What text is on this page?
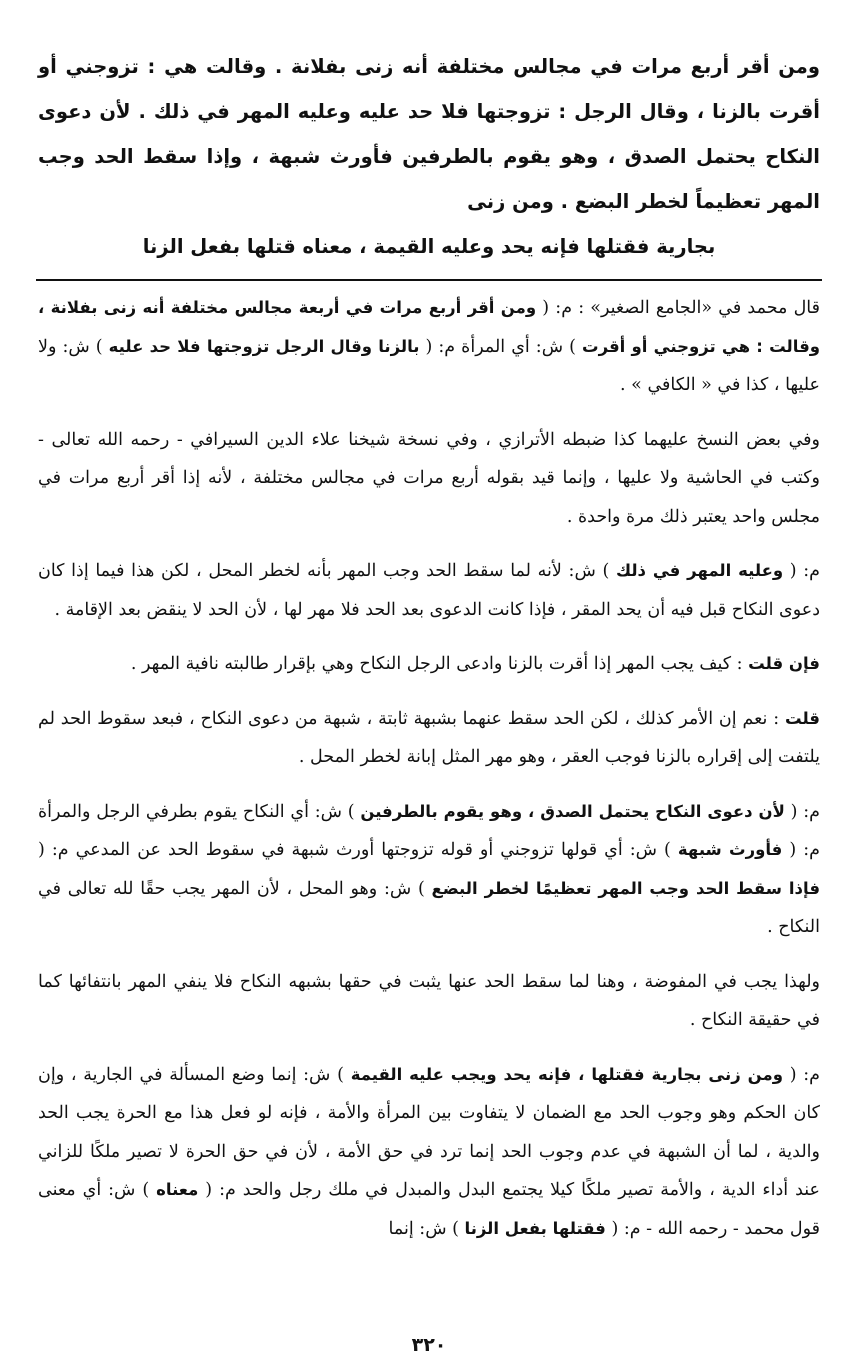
ومن أقر أربع مرات في مجالس مختلفة أنه زنى بفلانة . وقالت هي : تزوجني أو أقرت بالزنا ، وقال الرجل : تزوجتها فلا حد عليه وعليه المهر في ذلك . لأن دعوى النكاح يحتمل الصدق ، وهو يقوم بالطرفين فأورث شبهة ، وإذا سقط الحد وجب المهر تعظيماً لخطر البضع . ومن زنى
بجارية فقتلها فإنه يحد وعليه القيمة ، معناه قتلها بفعل الزنا

قال محمد في «الجامع الصغير» : م: ( ومن أقر أربع مرات في أربعة مجالس مختلفة أنه زنى بفلانة ، وقالت : هي تزوجني أو أقرت ) ش: أي المرأة م: ( بالزنا وقال الرجل تزوجتها فلا حد عليه ) ش: ولا عليها ، كذا في « الكافي » .

وفي بعض النسخ عليهما كذا ضبطه الأترازي ، وفي نسخة شيخنا علاء الدين السيرافي - رحمه الله تعالى - وكتب في الحاشية ولا عليها ، وإنما قيد بقوله أربع مرات في مجالس مختلفة ، لأنه إذا أقر أربع مرات في مجلس واحد يعتبر ذلك مرة واحدة .

م: ( وعليه المهر في ذلك ) ش: لأنه لما سقط الحد وجب المهر بأنه لخطر المحل ، لكن هذا فيما إذا كان دعوى النكاح قبل فيه أن يحد المقر ، فإذا كانت الدعوى بعد الحد فلا مهر لها ، لأن الحد لا ينقض بعد الإقامة .

فإن قلت : كيف يجب المهر إذا أقرت بالزنا وادعى الرجل النكاح وهي بإقرار طالبته نافية المهر .

قلت : نعم إن الأمر كذلك ، لكن الحد سقط عنهما بشبهة ثابتة ، شبهة من دعوى النكاح ، فبعد سقوط الحد لم يلتفت إلى إقراره بالزنا فوجب العقر ، وهو مهر المثل إبانة لخطر المحل .

م: ( لأن دعوى النكاح يحتمل الصدق ، وهو يقوم بالطرفين ) ش: أي النكاح يقوم بطرفي الرجل والمرأة م: ( فأورث شبهة ) ش: أي قولها تزوجني أو قوله تزوجتها أورث شبهة في سقوط الحد عن المدعي م: ( فإذا سقط الحد وجب المهر تعظيمًا لخطر البضع ) ش: وهو المحل ، لأن المهر يجب حقًا لله تعالى في النكاح .

ولهذا يجب في المفوضة ، وهنا لما سقط الحد عنها يثبت في حقها بشبهه النكاح فلا ينفي المهر بانتفائها كما في حقيقة النكاح .

م: ( ومن زنى بجارية فقتلها ، فإنه يحد ويجب عليه القيمة ) ش: إنما وضع المسألة في الجارية ، وإن كان الحكم وهو وجوب الحد مع الضمان لا يتفاوت بين المرأة والأمة ، فإنه لو فعل هذا مع الحرة يجب الحد والدية ، لما أن الشبهة في عدم وجوب الحد إنما ترد في حق الأمة ، لأن في حق الحرة لا تصير ملكًا للزاني عند أداء الدية ، والأمة تصير ملكًا كيلا يجتمع البدل والمبدل في ملك رجل والحد م: ( معناه ) ش: أي معنى قول محمد - رحمه الله - م: ( فقتلها بفعل الزنا ) ش: إنما

٣٢٠
